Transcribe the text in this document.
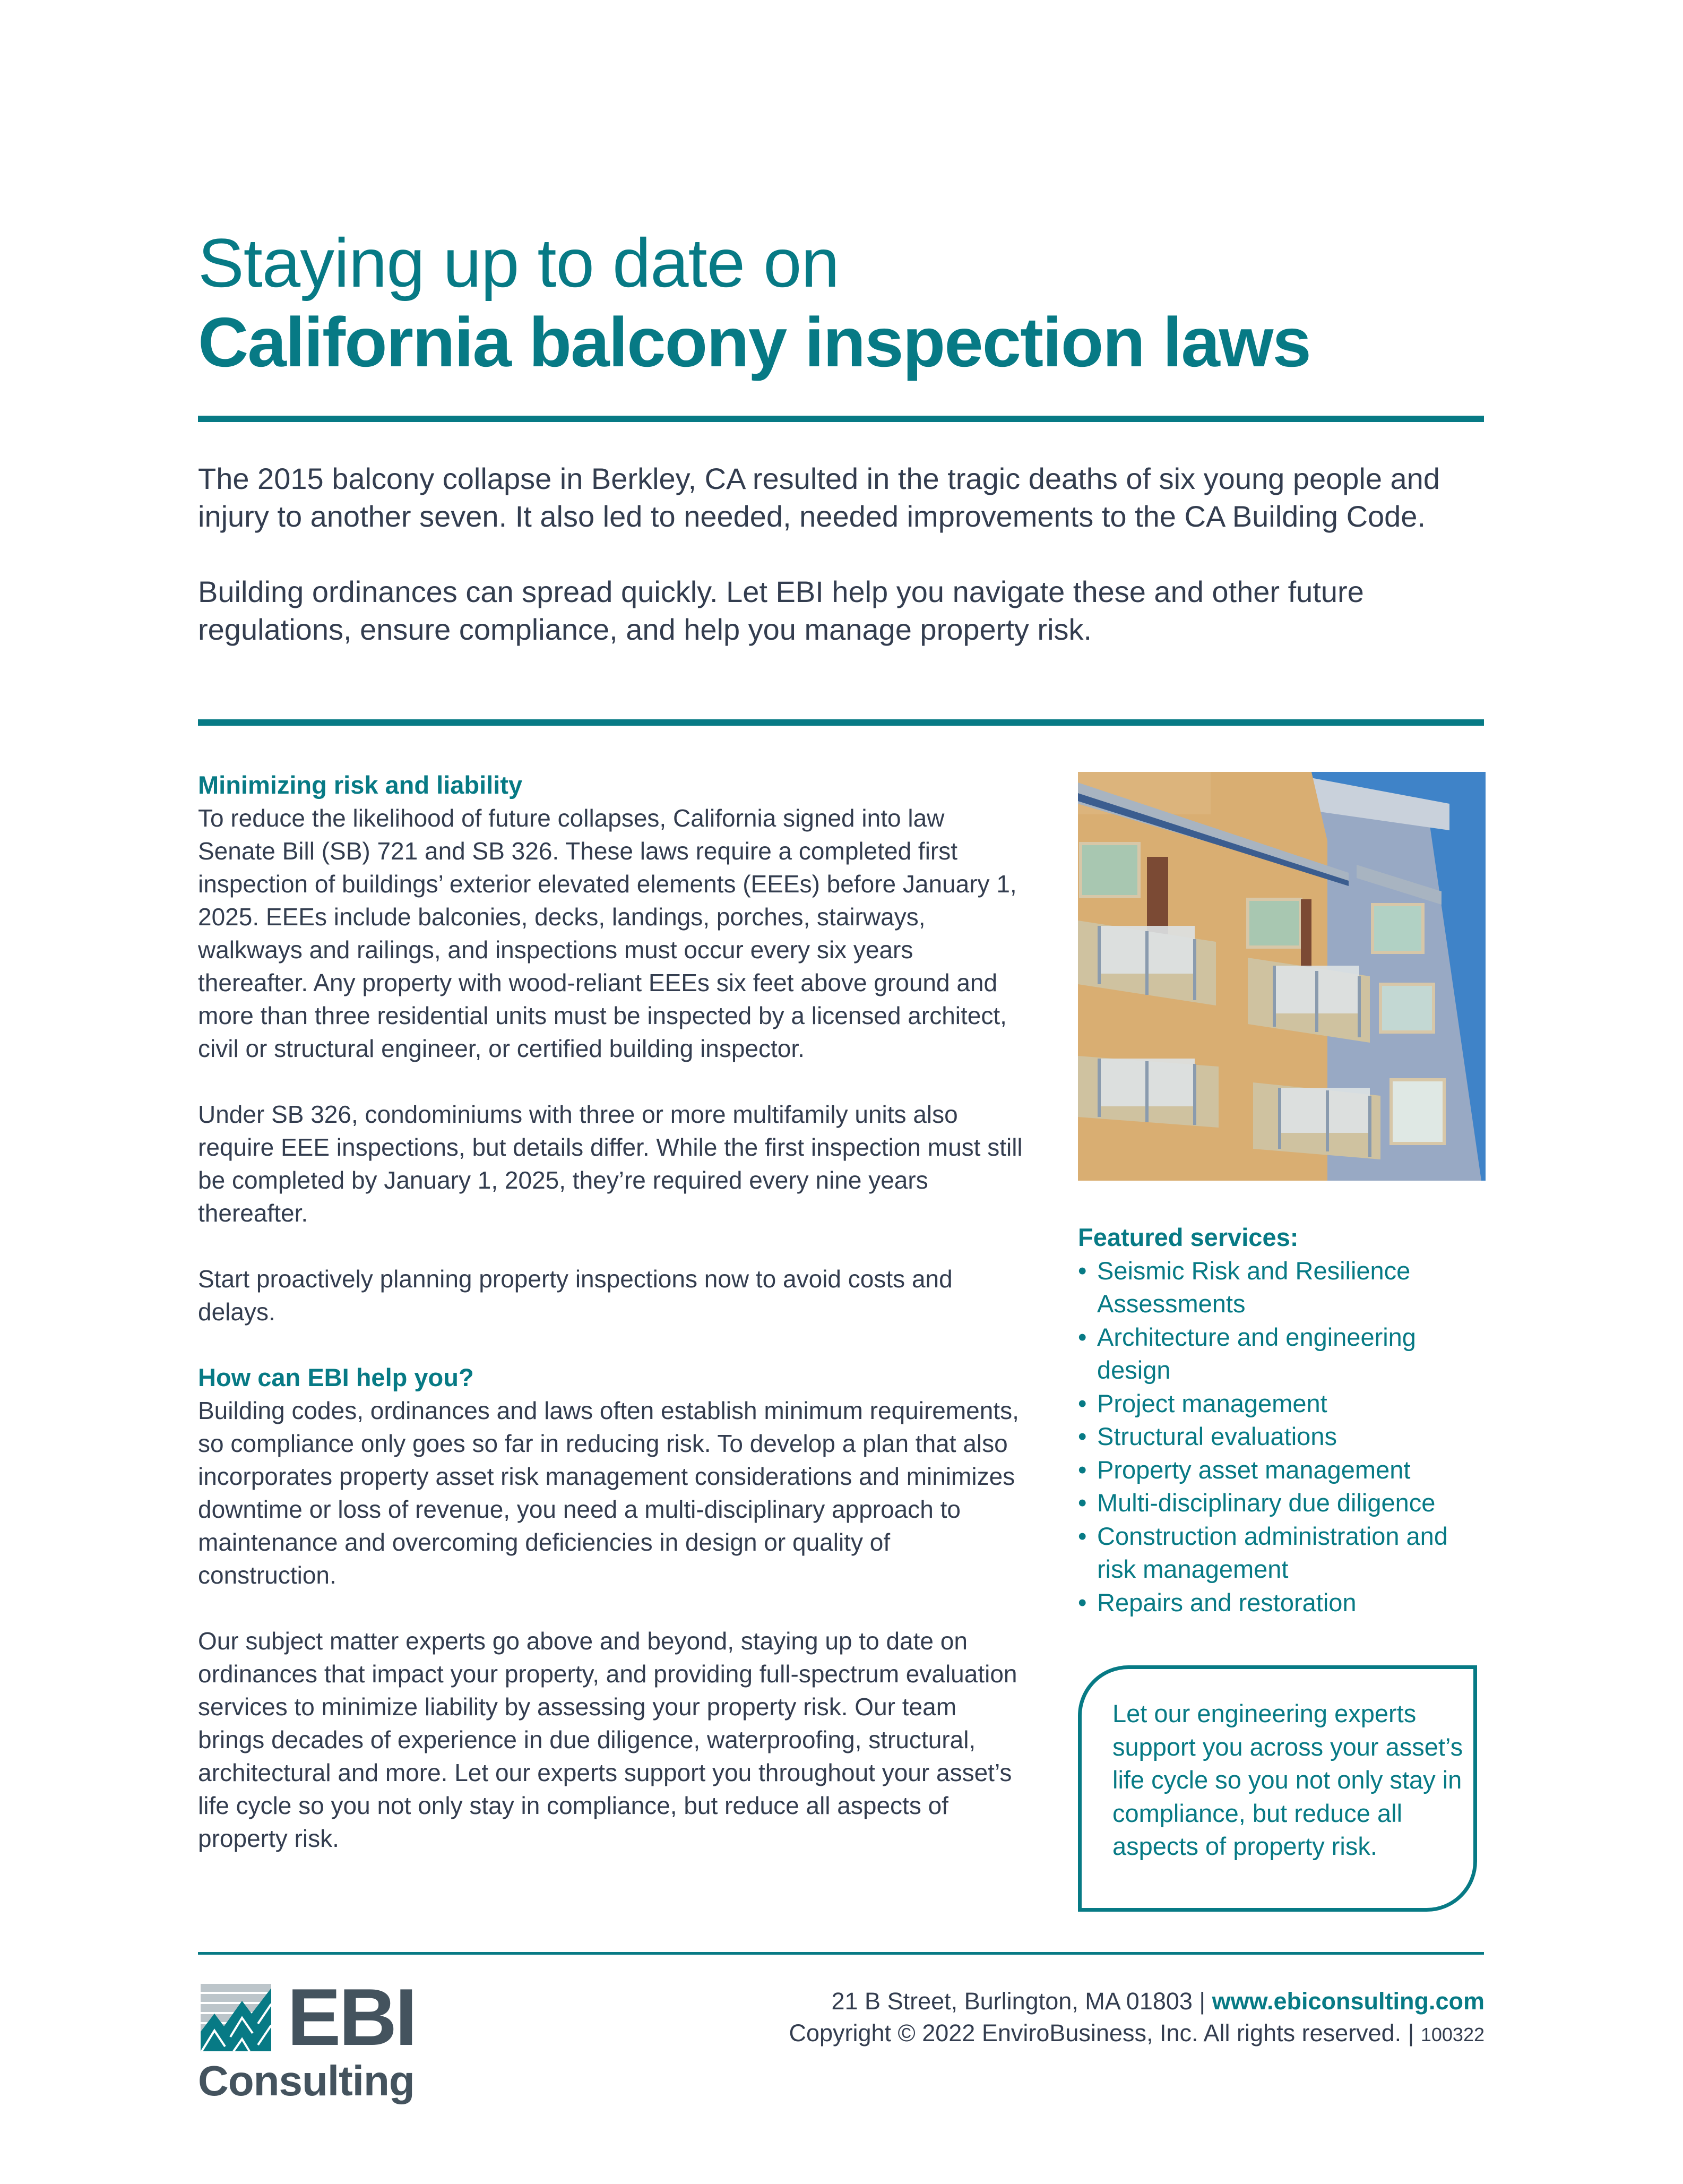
Staying up to date on
California balcony inspection laws

The 2015 balcony collapse in Berkley, CA resulted in the tragic deaths of six young people and injury to another seven. It also led to needed, needed improvements to the CA Building Code.

Building ordinances can spread quickly. Let EBI help you navigate these and other future regulations, ensure compliance, and help you manage property risk.

Minimizing risk and liability

To reduce the likelihood of future collapses, California signed into law Senate Bill (SB) 721 and SB 326. These laws require a completed first inspection of buildings’ exterior elevated elements (EEEs) before January 1, 2025. EEEs include balconies, decks, landings, porches, stairways, walkways and railings, and inspections must occur every six years thereafter. Any property with wood-reliant EEEs six feet above ground and more than three residential units must be inspected by a licensed architect, civil or structural engineer, or certified building inspector.

Under SB 326, condominiums with three or more multifamily units also require EEE inspections, but details differ. While the first inspection must still be completed by January 1, 2025, they’re required every nine years thereafter.

Start proactively planning property inspections now to avoid costs and delays.

How can EBI help you?

Building codes, ordinances and laws often establish minimum requirements, so compliance only goes so far in reducing risk. To develop a plan that also incorporates property asset risk management considerations and minimizes downtime or loss of revenue, you need a multi-disciplinary approach to maintenance and overcoming deficiencies in design or quality of construction.

Our subject matter experts go above and beyond, staying up to date on ordinances that impact your property, and providing full-spectrum evaluation services to minimize liability by assessing your property risk. Our team brings decades of experience in due diligence, waterproofing, structural, architectural and more. Let our experts support you throughout your asset’s life cycle so you not only stay in compliance, but reduce all aspects of property risk.

Featured services:
• Seismic Risk and Resilience Assessments
• Architecture and engineering design
• Project management
• Structural evaluations
• Property asset management
• Multi-disciplinary due diligence
• Construction administration and risk management
• Repairs and restoration
Let our engineering experts support you across your asset’s life cycle so you not only stay in compliance, but reduce all aspects of property risk.
EBI
Consulting
21 B Street, Burlington, MA 01803 | www.ebiconsulting.com
Copyright © 2022 EnviroBusiness, Inc. All rights reserved. | 100322
